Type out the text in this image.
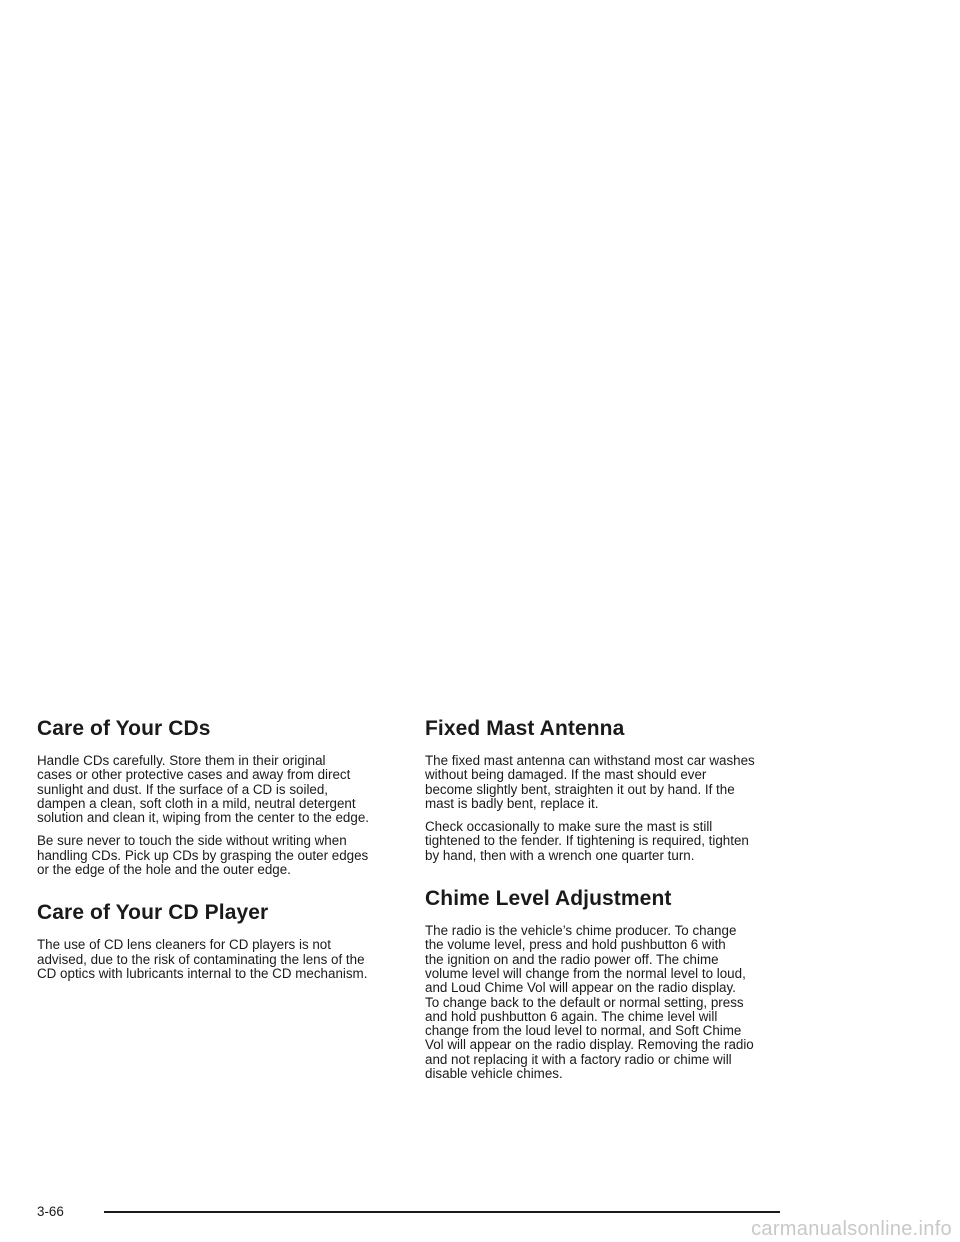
Care of Your CDs

Handle CDs carefully. Store them in their original
cases or other protective cases and away from direct
sunlight and dust. If the surface of a CD is soiled,
dampen a clean, soft cloth in a mild, neutral detergent
solution and clean it, wiping from the center to the edge.

Be sure never to touch the side without writing when
handling CDs. Pick up CDs by grasping the outer edges
or the edge of the hole and the outer edge.

Care of Your CD Player

The use of CD lens cleaners for CD players is not
advised, due to the risk of contaminating the lens of the
CD optics with lubricants internal to the CD mechanism.

Fixed Mast Antenna

The fixed mast antenna can withstand most car washes
without being damaged. If the mast should ever
become slightly bent, straighten it out by hand. If the
mast is badly bent, replace it.

Check occasionally to make sure the mast is still
tightened to the fender. If tightening is required, tighten
by hand, then with a wrench one quarter turn.

Chime Level Adjustment

The radio is the vehicle’s chime producer. To change
the volume level, press and hold pushbutton 6 with
the ignition on and the radio power off. The chime
volume level will change from the normal level to loud,
and Loud Chime Vol will appear on the radio display.
To change back to the default or normal setting, press
and hold pushbutton 6 again. The chime level will
change from the loud level to normal, and Soft Chime
Vol will appear on the radio display. Removing the radio
and not replacing it with a factory radio or chime will
disable vehicle chimes.

3-66
carmanualsonline.info
